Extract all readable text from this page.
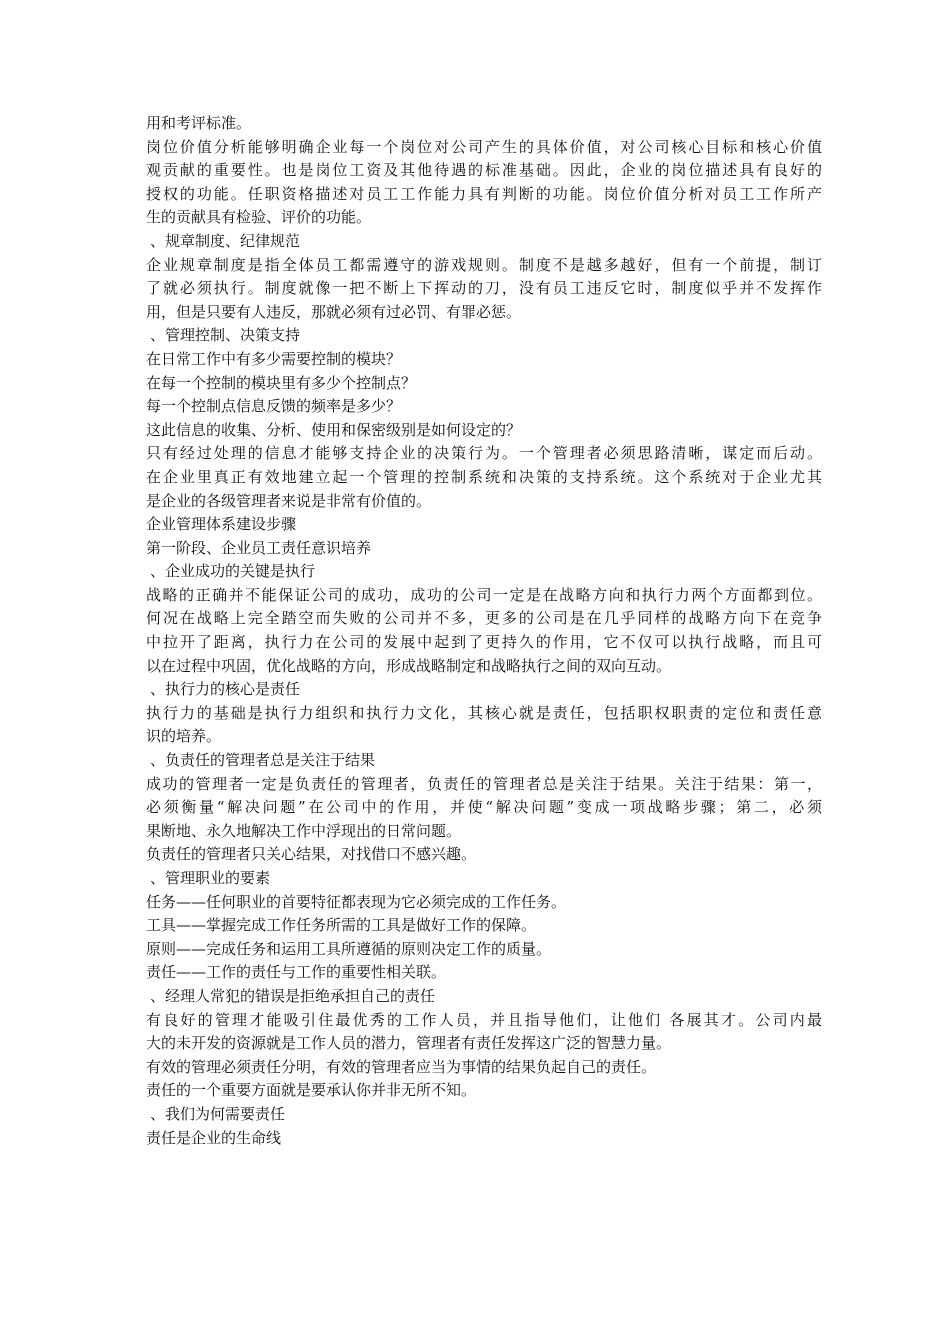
用和考评标准。
岗位价值分析能够明确企业每一个岗位对公司产生的具体价值，对公司核心目标和核心价值
观贡献的重要性。也是岗位工资及其他待遇的标准基础。因此，企业的岗位描述具有良好的
授权的功能。任职资格描述对员工工作能力具有判断的功能。岗位价值分析对员工工作所产
生的贡献具有检验、评价的功能。
、规章制度、纪律规范
企业规章制度是指全体员工都需遵守的游戏规则。制度不是越多越好，但有一个前提，制订
了就必须执行。制度就像一把不断上下挥动的刀，没有员工违反它时，制度似乎并不发挥作
用，但是只要有人违反，那就必须有过必罚、有罪必惩。
、管理控制、决策支持
在日常工作中有多少需要控制的模块？
在每一个控制的模块里有多少个控制点？
每一个控制点信息反馈的频率是多少？
这此信息的收集、分析、使用和保密级别是如何设定的？
只有经过处理的信息才能够支持企业的决策行为。一个管理者必须思路清晰，谋定而后动。
在企业里真正有效地建立起一个管理的控制系统和决策的支持系统。这个系统对于企业尤其
是企业的各级管理者来说是非常有价值的。
企业管理体系建设步骤
第一阶段、企业员工责任意识培养
、企业成功的关键是执行
战略的正确并不能保证公司的成功，成功的公司一定是在战略方向和执行力两个方面都到位。
何况在战略上完全踏空而失败的公司并不多，更多的公司是在几乎同样的战略方向下在竞争
中拉开了距离，执行力在公司的发展中起到了更持久的作用，它不仅可以执行战略，而且可
以在过程中巩固，优化战略的方向，形成战略制定和战略执行之间的双向互动。
、执行力的核心是责任
执行力的基础是执行力组织和执行力文化，其核心就是责任，包括职权职责的定位和责任意
识的培养。
、负责任的管理者总是关注于结果
成功的管理者一定是负责任的管理者，负责任的管理者总是关注于结果。关注于结果：第一，
必须衡量“解决问题”在公司中的作用，并使“解决问题”变成一项战略步骤；第二，必须
果断地、永久地解决工作中浮现出的日常问题。
负责任的管理者只关心结果，对找借口不感兴趣。
、管理职业的要素
任务——任何职业的首要特征都表现为它必须完成的工作任务。
工具——掌握完成工作任务所需的工具是做好工作的保障。
原则——完成任务和运用工具所遵循的原则决定工作的质量。
责任——工作的责任与工作的重要性相关联。
、经理人常犯的错误是拒绝承担自己的责任
有良好的管理才能吸引住最优秀的工作人员，并且指导他们，让他们 各展其才。公司内最
大的未开发的资源就是工作人员的潜力，管理者有责任发挥这广泛的智慧力量。
有效的管理必须责任分明，有效的管理者应当为事情的结果负起自己的责任。
责任的一个重要方面就是要承认你并非无所不知。
、我们为何需要责任
责任是企业的生命线
